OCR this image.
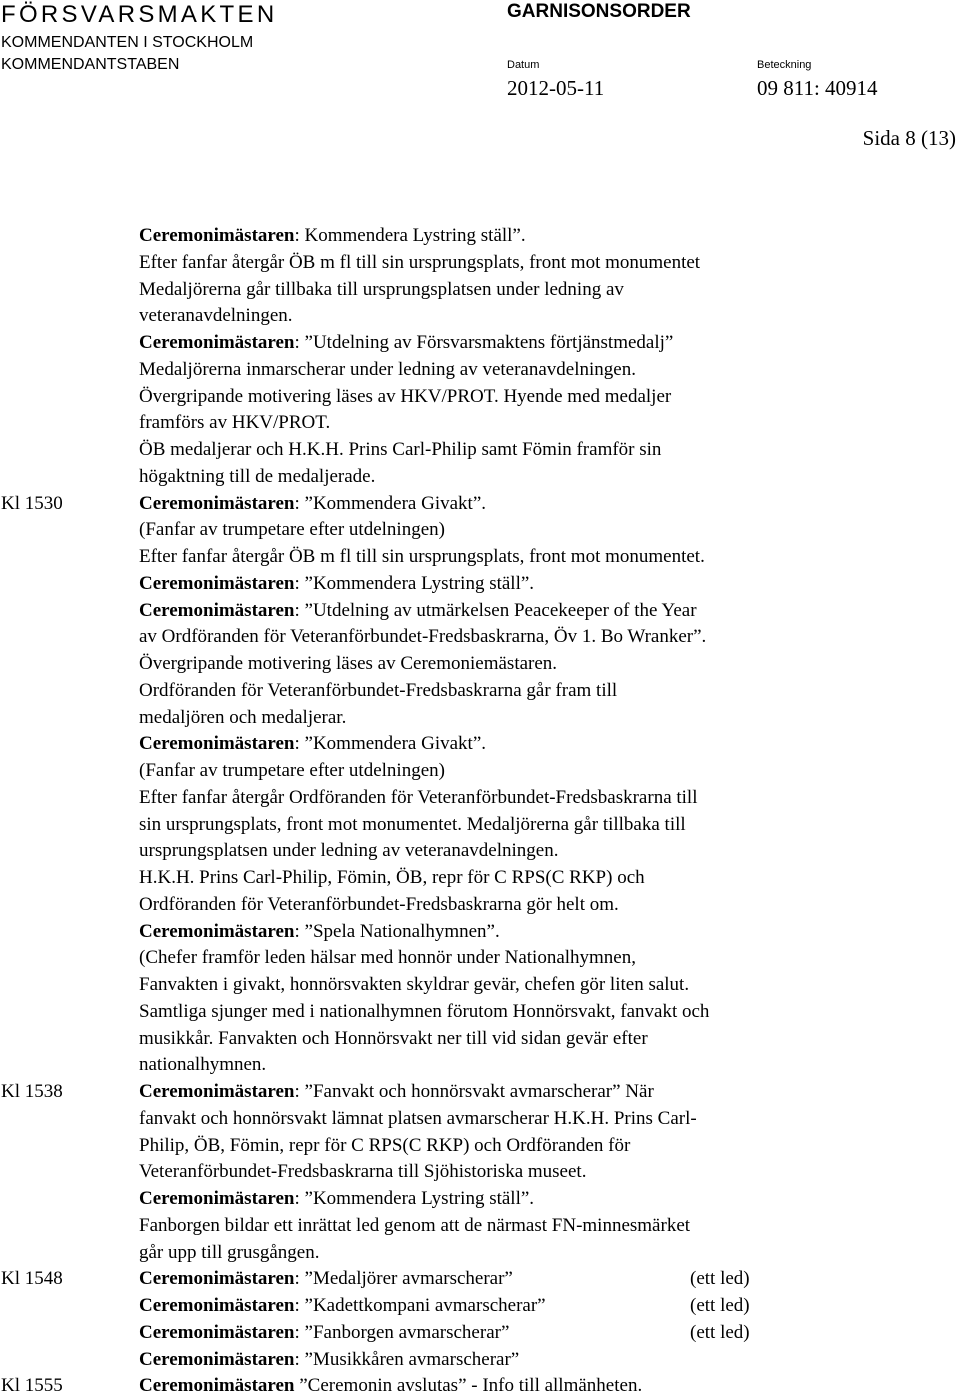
FÖRSVARSMAKTEN
KOMMENDANTEN I STOCKHOLM
KOMMENDANTSTABEN
GARNISONSORDER
Datum	Beteckning
2012-05-11	09 811: 40914
Sida 8 (13)
Ceremonimästaren: Kommendera Lystring ställ”.
Efter fanfar återgår ÖB m fl till sin ursprungsplats, front mot monumentet
Medaljörerna går tillbaka till ursprungsplatsen under ledning av
veteranavdelningen.
Ceremonimästaren: ”Utdelning av Försvarsmaktens förtjänstmedalj”
Medaljörerna inmarscherar under ledning av veteranavdelningen.
Övergripande motivering läses av HKV/PROT. Hyende med medaljer
framförs av HKV/PROT.
ÖB medaljerar och H.K.H. Prins Carl-Philip samt Fömin framför sin
högaktning till de medaljerade.
Kl 1530	Ceremonimästaren: ”Kommendera Givakt”.
(Fanfar av trumpetare efter utdelningen)
Efter fanfar återgår ÖB m fl till sin ursprungsplats, front mot monumentet.
Ceremonimästaren: ”Kommendera Lystring ställ”.
Ceremonimästaren: ”Utdelning av utmärkelsen Peacekeeper of the Year
av Ordföranden för Veteranförbundet-Fredsbaskrarna, Öv 1. Bo Wranker”.
Övergripande motivering läses av Ceremoniemästaren.
Ordföranden för Veteranförbundet-Fredsbaskrarna går fram till
medaljören och medaljerar.
Ceremonimästaren: ”Kommendera Givakt”.
(Fanfar av trumpetare efter utdelningen)
Efter fanfar återgår Ordföranden för Veteranförbundet-Fredsbaskrarna till
sin ursprungsplats, front mot monumentet. Medaljörerna går tillbaka till
ursprungsplatsen under ledning av veteranavdelningen.
H.K.H. Prins Carl-Philip, Fömin, ÖB, repr för C RPS(C RKP) och
Ordföranden för Veteranförbundet-Fredsbaskrarna gör helt om.
Ceremonimästaren: ”Spela Nationalhymnen”.
(Chefer framför leden hälsar med honnör under Nationalhymnen,
Fanvakten i givakt, honnörsvakten skyldrar gevär, chefen gör liten salut.
Samtliga sjunger med i nationalhymnen förutom Honnörsvakt, fanvakt och
musikkår. Fanvakten och Honnörsvakt ner till vid sidan gevär efter
nationalhymnen.
Kl 1538	Ceremonimästaren: ”Fanvakt och honnörsvakt avmarscherar” När
fanvakt och honnörsvakt lämnat platsen avmarscherar H.K.H. Prins Carl-
Philip, ÖB, Fömin, repr för C RPS(C RKP) och Ordföranden för
Veteranförbundet-Fredsbaskrarna till Sjöhistoriska museet.
Ceremonimästaren: ”Kommendera Lystring ställ”.
Fanborgen bildar ett inrättat led genom att de närmast FN-minnesmärket
går upp till grusgången.
Kl 1548	Ceremonimästaren: ”Medaljörer avmarscherar”	(ett led)
Ceremonimästaren: ”Kadettkompani avmarscherar”	(ett led)
Ceremonimästaren: ”Fanborgen avmarscherar”	(ett led)
Ceremonimästaren: ”Musikkåren avmarscherar”
Kl 1555	Ceremonimästaren ”Ceremonin avslutas” - Info till allmänheten.
